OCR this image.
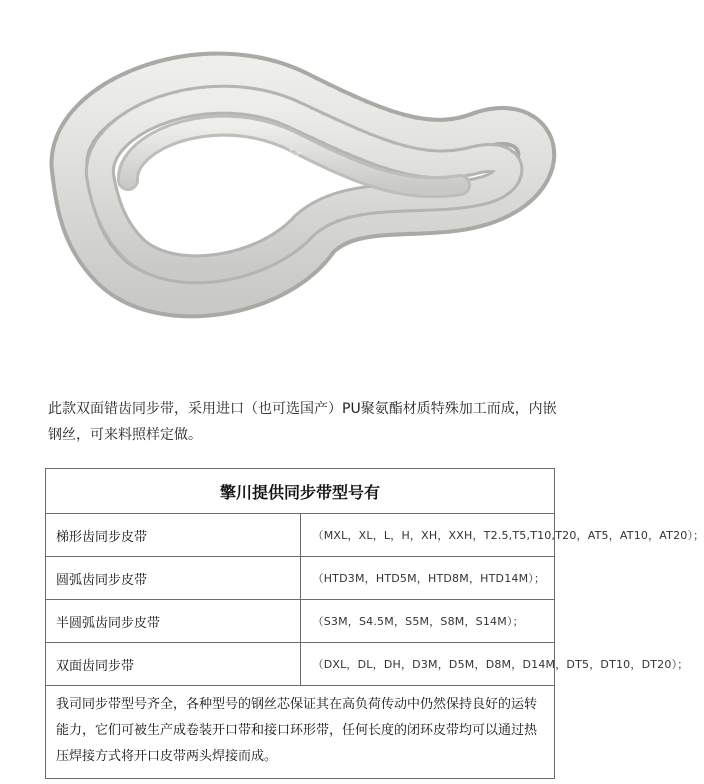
擎
此款双面错齿同步带，采用进口（也可选国产）PU聚氨酯材质特殊加工而成，内嵌钢丝，可来料照样定做。
擎川提供同步带型号有	
梯形齿同步皮带	（MXL，XL，L，H，XH，XXH，T2.5,T5,T10,T20，AT5，AT10，AT20）；
圆弧齿同步皮带	（HTD3M，HTD5M，HTD8M，HTD14M）；
半圆弧齿同步皮带	（S3M，S4.5M，S5M，S8M，S14M）；
双面齿同步带	（DXL，DL，DH，D3M，D5M，D8M，D14M，DT5，DT10，DT20）；
我司同步带型号齐全，各种型号的钢丝芯保证其在高负荷传动中仍然保持良好的运转能力，它们可被生产成卷装开口带和接口环形带，任何长度的闭环皮带均可以通过热压焊接方式将开口皮带两头焊接而成。	
